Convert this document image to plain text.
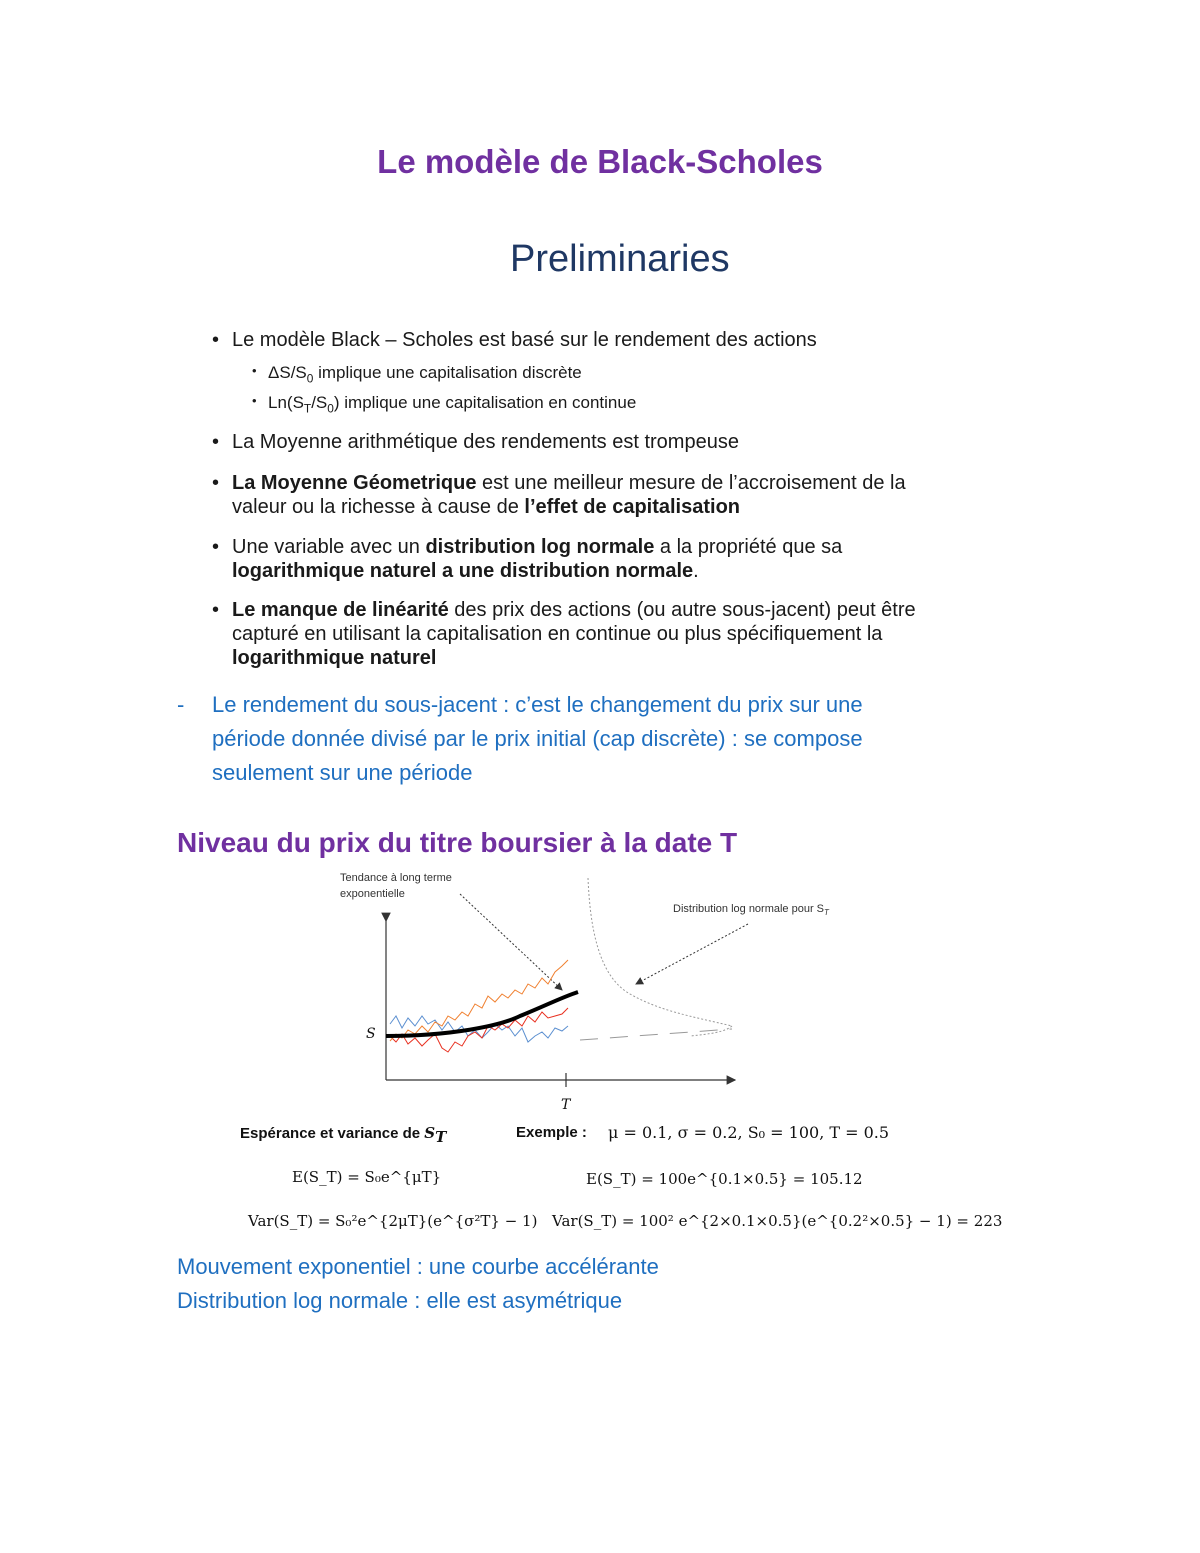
Le modèle de Black-Scholes
Preliminaries
• Le modèle Black – Scholes est basé sur le rendement des actions
• $\Delta S/S_0$ implique une capitalisation discrète
• $Ln(S_T/S_0)$ implique une capitalisation en continue
• La Moyenne arithmétique des rendements est trompeuse
• La Moyenne Géometrique est une meilleur mesure de l’accroisement de la
valeur ou la richesse à cause de l’effet de capitalisation
• Une variable avec un distribution log normale a la propriété que sa
logarithmique naturel a une distribution normale.
• Le manque de linéarité des prix des actions (ou autre sous-jacent) peut être
capturé en utilisant la capitalisation en continue ou plus spécifiquement la
logarithmique naturel
- Le rendement du sous-jacent : c’est le changement du prix sur une
période donnée divisé par le prix initial (cap discrète) : se compose
seulement sur une période
Niveau du prix du titre boursier à la date T
Tendance à long terme
exponentielle
Distribution log normale pour $S_T$
S
T
Espérance et variance de $S_T$	Exemple : μ = 0.1, σ = 0.2, S₀ = 100, T = 0.5
E(S_T) = S₀e^{μT}	E(S_T) = 100e^{0.1×0.5} = 105.12
Var(S_T) = S₀²e^{2μT}(e^{σ²T} − 1) Var(S_T) = 100² e^{2×0.1×0.5}(e^{0.2²×0.5} − 1) = 223
Mouvement exponentiel : une courbe accélérante
Distribution log normale : elle est asymétrique
